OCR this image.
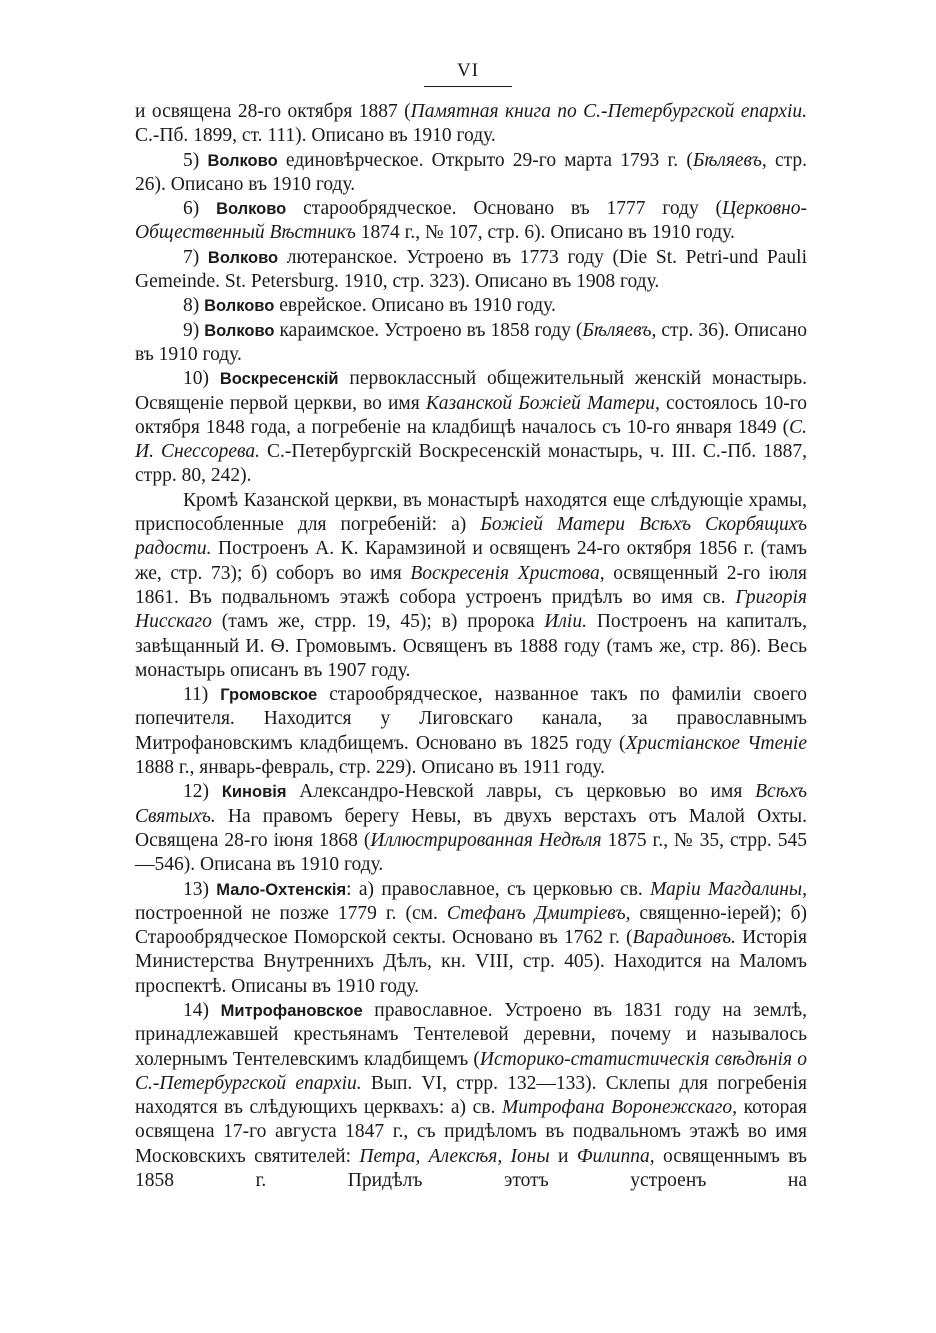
VI

и освящена 28-го октября 1887 (Памятная книга по С.-Петербургской епархіи. С.-Пб. 1899, ст. 111). Описано въ 1910 году.

5) Волково единовѣрческое. Открыто 29-го марта 1793 г. (Бѣляевъ, стр. 26). Описано въ 1910 году.

6) Волково старообрядческое. Основано въ 1777 году (Церковно-Общественный Вѣстникъ 1874 г., № 107, стр. 6). Описано въ 1910 году.

7) Волково лютеранское. Устроено въ 1773 году (Die St. Petri-und Pauli Gemeinde. St. Petersburg. 1910, стр. 323). Описано въ 1908 году.

8) Волково еврейское. Описано въ 1910 году.

9) Волково караимское. Устроено въ 1858 году (Бѣляевъ, стр. 36). Описано въ 1910 году.

10) Воскресенскій первоклассный общежительный женскій монастырь. Освященіе первой церкви, во имя Казанской Божіей Матери, состоялось 10-го октября 1848 года, а погребеніе на кладбищѣ началось съ 10-го января 1849 (С. И. Снессорева. С.-Петербургскій Воскресенскій монастырь, ч. III. С.-Пб. 1887, стрр. 80, 242).

Кромѣ Казанской церкви, въ монастырѣ находятся еще слѣдующіе храмы, приспособленные для погребеній: а) Божіей Матери Всѣхъ Скорбящихъ радости. Построенъ А. К. Карамзиной и освященъ 24-го октября 1856 г. (тамъ же, стр. 73); б) соборъ во имя Воскресенія Христова, освященный 2-го іюля 1861. Въ подвальномъ этажѣ собора устроенъ придѣлъ во имя св. Григорія Нисскаго (тамъ же, стрр. 19, 45); в) пророка Иліи. Построенъ на капиталъ, завѣщанный И. Ѳ. Громовымъ. Освященъ въ 1888 году (тамъ же, стр. 86). Весь монастырь описанъ въ 1907 году.

11) Громовское старообрядческое, названное такъ по фамиліи своего попечителя. Находится у Лиговскаго канала, за православнымъ Митрофановскимъ кладбищемъ. Основано въ 1825 году (Христіанское Чтеніе 1888 г., январь-февраль, стр. 229). Описано въ 1911 году.

12) Киновія Александро-Невской лавры, съ церковью во имя Всѣхъ Святыхъ. На правомъ берегу Невы, въ двухъ верстахъ отъ Малой Охты. Освящена 28-го іюня 1868 (Иллюстрированная Недѣля 1875 г., № 35, стрр. 545—546). Описана въ 1910 году.

13) Мало-Охтенскія: а) православное, съ церковью св. Маріи Магдалины, построенной не позже 1779 г. (см. Стефанъ Дмитріевъ, священно-іерей); б) Старообрядческое Поморской секты. Основано въ 1762 г. (Варадиновъ. Исторія Министерства Внутреннихъ Дѣлъ, кн. VIII, стр. 405). Находится на Маломъ проспектѣ. Описаны въ 1910 году.

14) Митрофановское православное. Устроено въ 1831 году на землѣ, принадлежавшей крестьянамъ Тентелевой деревни, почему и называлось холернымъ Тентелевскимъ кладбищемъ (Историко-статистическія свѣдѣнія о С.-Петербургской епархіи. Вып. VI, стрр. 132—133). Склепы для погребенія находятся въ слѣдующихъ церквахъ: а) св. Митрофана Воронежскаго, которая освящена 17-го августа 1847 г., съ придѣломъ въ подвальномъ этажѣ во имя Московскихъ святителей: Петра, Алексѣя, Іоны и Филиппа, освященнымъ въ 1858 г. Придѣлъ этотъ устроенъ на
